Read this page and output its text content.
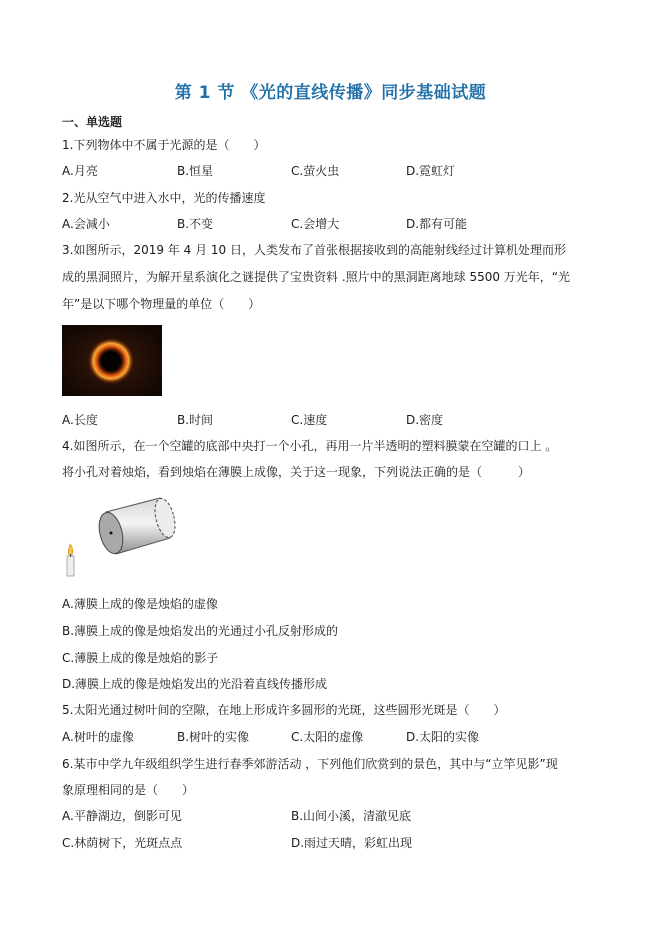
第 1 节 《光的直线传播》同步基础试题
一、单选题
1.下列物体中不属于光源的是（　　）
A.月亮	B.恒星	C.萤火虫	D.霓虹灯
2.光从空气中进入水中，光的传播速度
A.会减小	B.不变	C.会增大	D.都有可能
3.如图所示，2019 年 4 月 10 日，人类发布了首张根据接收到的高能射线经过计算机处理而形
成的黑洞照片，为解开星系演化之谜提供了宝贵资料 .照片中的黑洞距离地球 5500 万光年，“光
年”是以下哪个物理量的单位（　　）
A.长度	B.时间	C.速度	D.密度
4.如图所示，在一个空罐的底部中央打一个小孔，再用一片半透明的塑料膜蒙在空罐的口上 。
将小孔对着烛焰，看到烛焰在薄膜上成像，关于这一现象，下列说法正确的是（　　　）
A.薄膜上成的像是烛焰的虚像
B.薄膜上成的像是烛焰发出的光通过小孔反射形成的
C.薄膜上成的像是烛焰的影子
D.薄膜上成的像是烛焰发出的光沿着直线传播形成
5.太阳光通过树叶间的空隙，在地上形成许多圆形的光斑，这些圆形光斑是（　　）
A.树叶的虚像	B.树叶的实像	C.太阳的虚像	D.太阳的实像
6.某市中学九年级组织学生进行春季郊游活动 ，下列他们欣赏到的景色，其中与“立竿见影”现
象原理相同的是（　　）
A.平静湖边，倒影可见	B.山间小溪，清澈见底
C.林荫树下，光斑点点	D.雨过天晴，彩虹出现
